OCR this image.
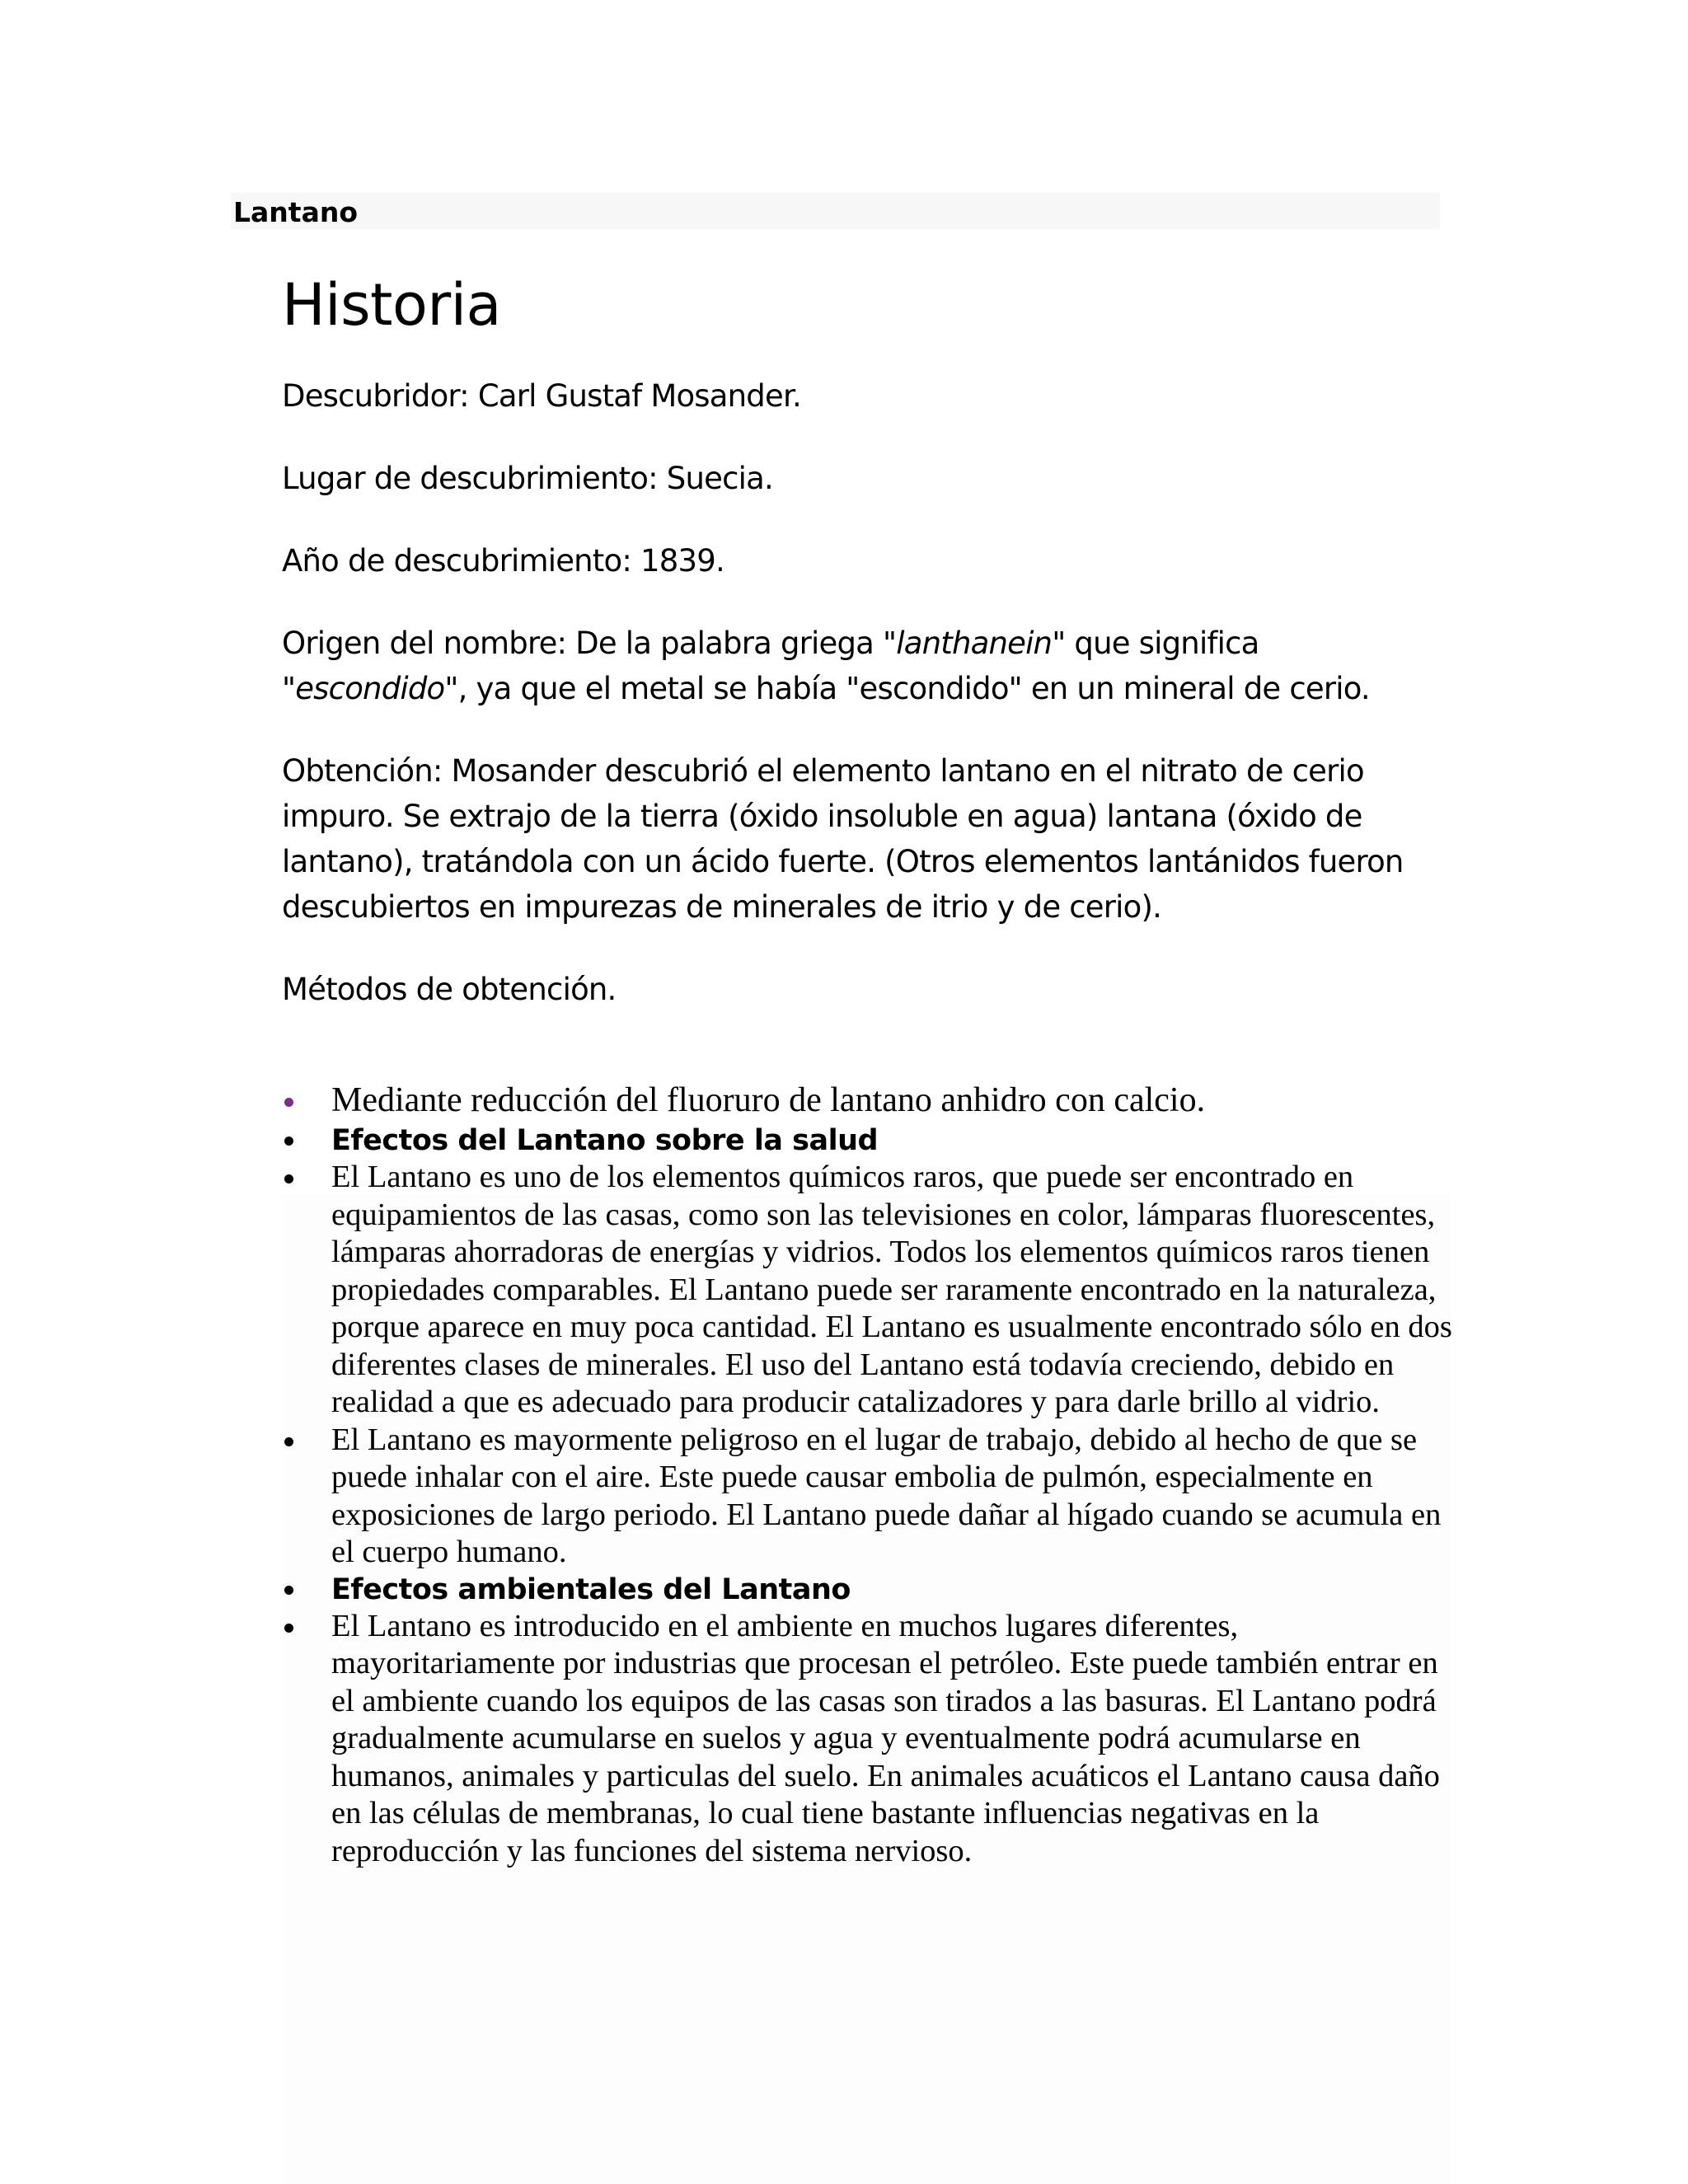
Lantano
Historia

Descubridor: Carl Gustaf Mosander.

Lugar de descubrimiento: Suecia.

Año de descubrimiento: 1839.

Origen del nombre: De la palabra griega "lanthanein" que significa "escondido", ya que el metal se había "escondido" en un mineral de cerio.

Obtención: Mosander descubrió el elemento lantano en el nitrato de cerio impuro. Se extrajo de la tierra (óxido insoluble en agua) lantana (óxido de lantano), tratándola con un ácido fuerte. (Otros elementos lantánidos fueron descubiertos en impurezas de minerales de itrio y de cerio).

Métodos de obtención.

Mediante reducción del fluoruro de lantano anhidro con calcio.
Efectos del Lantano sobre la salud
El Lantano es uno de los elementos químicos raros, que puede ser encontrado en equipamientos de las casas, como son las televisiones en color, lámparas fluorescentes, lámparas ahorradoras de energías y vidrios. Todos los elementos químicos raros tienen propiedades comparables. El Lantano puede ser raramente encontrado en la naturaleza, porque aparece en muy poca cantidad. El Lantano es usualmente encontrado sólo en dos diferentes clases de minerales. El uso del Lantano está todavía creciendo, debido en realidad a que es adecuado para producir catalizadores y para darle brillo al vidrio.
El Lantano es mayormente peligroso en el lugar de trabajo, debido al hecho de que se puede inhalar con el aire. Este puede causar embolia de pulmón, especialmente en exposiciones de largo periodo. El Lantano puede dañar al hígado cuando se acumula en el cuerpo humano.
Efectos ambientales del Lantano
El Lantano es introducido en el ambiente en muchos lugares diferentes, mayoritariamente por industrias que procesan el petróleo. Este puede también entrar en el ambiente cuando los equipos de las casas son tirados a las basuras. El Lantano podrá gradualmente acumularse en suelos y agua y eventualmente podrá acumularse en humanos, animales y particulas del suelo. En animales acuáticos el Lantano causa daño en las células de membranas, lo cual tiene bastante influencias negativas en la reproducción y las funciones del sistema nervioso.
